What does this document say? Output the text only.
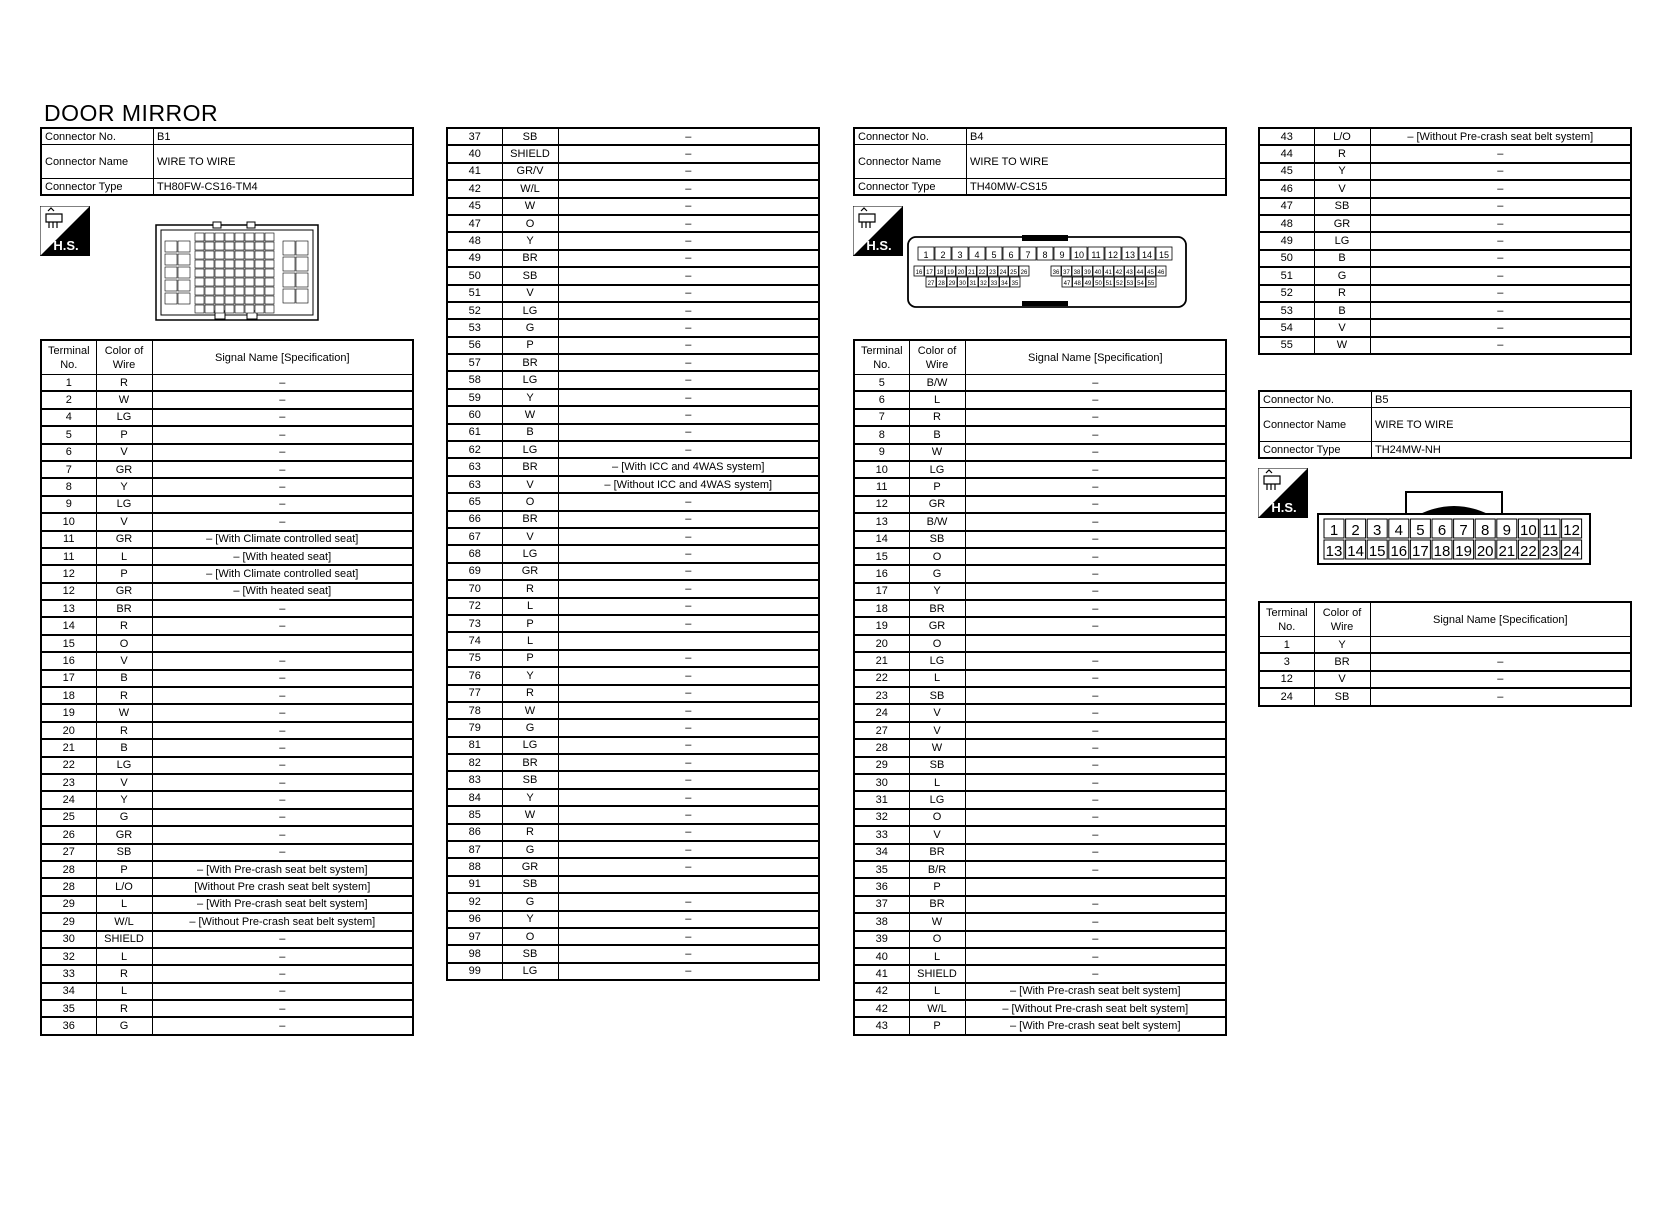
DOOR MIRROR
Connector No.	B1
Connector Name	WIRE TO WIRE
Connector Type	TH80FW-CS16-TM4
H.S.
Terminal No.	Color of Wire	Signal Name [Specification]
1	R	–
2	W	–
4	LG	–
5	P	–
6	V	–
7	GR	–
8	Y	–
9	LG	–
10	V	–
11	GR	– [With Climate controlled seat]
11	L	– [With heated seat]
12	P	– [With Climate controlled seat]
12	GR	– [With heated seat]
13	BR	–
14	R	–
15	O	
16	V	–
17	B	–
18	R	–
19	W	–
20	R	–
21	B	–
22	LG	–
23	V	–
24	Y	–
25	G	–
26	GR	–
27	SB	–
28	P	– [With Pre-crash seat belt system]
28	L/O	[Without Pre crash seat belt system]
29	L	– [With Pre-crash seat belt system]
29	W/L	– [Without Pre-crash seat belt system]
30	SHIELD	–
32	L	–
33	R	–
34	L	–
35	R	–
36	G	–
37	SB	–
40	SHIELD	–
41	GR/V	–
42	W/L	–
45	W	–
47	O	–
48	Y	–
49	BR	–
50	SB	–
51	V	–
52	LG	–
53	G	–
56	P	–
57	BR	–
58	LG	–
59	Y	–
60	W	–
61	B	–
62	LG	–
63	BR	– [With ICC and 4WAS system]
63	V	– [Without ICC and 4WAS system]
65	O	–
66	BR	–
67	V	–
68	LG	–
69	GR	–
70	R	–
72	L	–
73	P	–
74	L	
75	P	–
76	Y	–
77	R	–
78	W	–
79	G	–
81	LG	–
82	BR	–
83	SB	–
84	Y	–
85	W	–
86	R	–
87	G	–
88	GR	–
91	SB	
92	G	–
96	Y	–
97	O	–
98	SB	–
99	LG	–
Connector No.	B4
Connector Name	WIRE TO WIRE
Connector Type	TH40MW-CS15
H.S.
1 2 3 4 5 6 7 8 9 10 11 12 13 14 15
16 17 18 19 20 21 22 23 24 25 26	36 37 38 39 40 41 42 43 44 45 46
27 28 29 30 31 32 33 34 35	47 48 49 50 51 52 53 54 55
Terminal No.	Color of Wire	Signal Name [Specification]
5	B/W	–
6	L	–
7	R	–
8	B	–
9	W	–
10	LG	–
11	P	–
12	GR	–
13	B/W	–
14	SB	–
15	O	–
16	G	–
17	Y	–
18	BR	–
19	GR	–
20	O	
21	LG	–
22	L	–
23	SB	–
24	V	–
27	V	–
28	W	–
29	SB	–
30	L	–
31	LG	–
32	O	–
33	V	–
34	BR	–
35	B/R	–
36	P	
37	BR	–
38	W	–
39	O	–
40	L	–
41	SHIELD	–
42	L	– [With Pre-crash seat belt system]
42	W/L	– [Without Pre-crash seat belt system]
43	P	– [With Pre-crash seat belt system]
43	L/O	– [Without Pre-crash seat belt system]
44	R	–
45	Y	–
46	V	–
47	SB	–
48	GR	–
49	LG	–
50	B	–
51	G	–
52	R	–
53	B	–
54	V	–
55	W	–
Connector No.	B5
Connector Name	WIRE TO WIRE
Connector Type	TH24MW-NH
H.S.
1 2 3 4 5 6 7 8 9 10 11 12
13 14 15 16 17 18 19 20 21 22 23 24
Terminal No.	Color of Wire	Signal Name [Specification]
1	Y	
3	BR	–
12	V	–
24	SB	–
